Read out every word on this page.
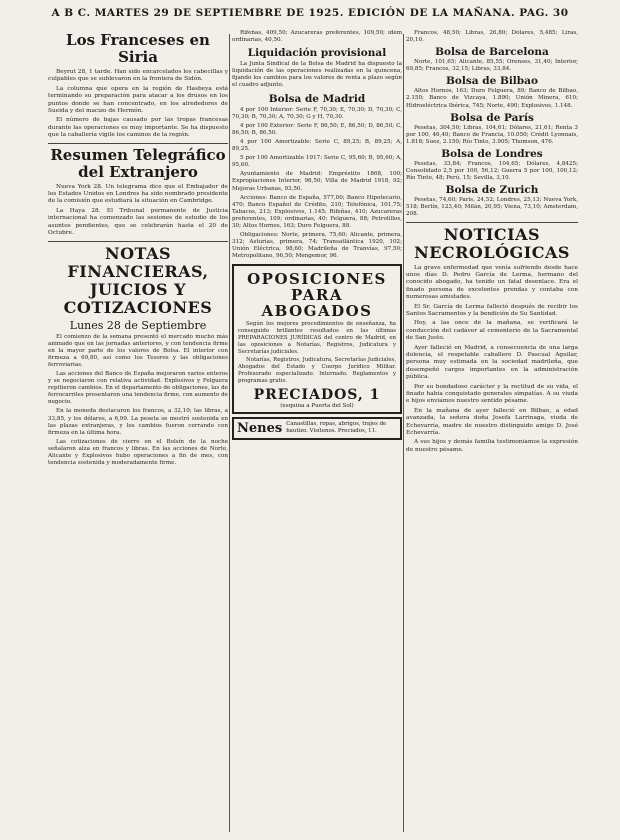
A B C. MARTES 29 DE SEPTIEMBRE DE 1925. EDICIÓN DE LA MAÑANA. PAG. 30
Los Franceses en Siria

Beyrut 28, 1 tarde. Han sido encarcelados los cabecillas y culpables que se sublevaron en la frontera de Sidón.

La columna que opera en la región de Hasbeya está terminando su preparación para atacar a los drusos en los puntos donde se han concentrado, en los alrededores de Sueida y del macizo de Hermón.

El número de bajas causado por las tropas francesas durante las operaciones es muy importante. Se ha dispuesto que la caballería vigile los caminos de la región.

Resumen Telegráfico del Extranjero

Nueva York 28. Un telegrama dice que el Embajador de los Estados Unidos en Londres ha sido nombrado presidente de la comisión que estudiará la situación en Cambridge.

La Haya 28. El Tribunal permanente de Justicia internacional ha comenzado las sesiones de estudio de los asuntos pendientes, que se celebrarán hasta el 20 de Octubre.

NOTAS FINANCIERAS, JUICIOS Y COTIZACIONES
Lunes 28 de Septiembre

El comienzo de la semana presentó el mercado mucho más animado que en las jornadas anteriores, y con tendencia firme en la mayor parte de los valores de Bolsa. El interior con firmeza a 69,80, así como los Tesoros y las obligaciones ferroviarias.

Las acciones del Banco de España mejoraron varios enteros y se negociaron con relativa actividad. Explosivos y Felguera repitieron cambios. En el departamento de obligaciones, las de ferrocarriles presentaron una tendencia firme, con aumento de negocio.

En la moneda destacaron los francos, a 32,10; las libras, a 33,85, y los dólares, a 6,99. La peseta se mostró sostenida en las plazas extranjeras, y los cambios fueron cerrando con firmeza en la última hora.

Las cotizaciones de cierre en el Bolsín de la noche señalaron alza en francos y libras. En las acciones de Norte, Alicante y Explosivos hubo operaciones a fin de mes, con tendencia sostenida y moderadamente firme.

Rifeñas, 409,50; Azucareras preferentes, 109,50; ídem ordinarias, 40,50.

Liquidación provisional

La Junta Sindical de la Bolsa de Madrid ha dispuesto la liquidación de las operaciones realizadas en la quincena, fijando los cambios para los valores de renta a plazo según el cuadro adjunto.

Bolsa de Madrid

4 por 100 Interior: Serie F, 70,30; E, 70,30; D, 70,30; C, 70,30; B, 70,30; A, 70,30; G y H, 70,30.

4 por 100 Exterior: Serie F, 86,50; E, 86,50; D, 86,50; C, 86,50; B, 86,50.

4 por 100 Amortizable: Serie C, 89,25; B, 89,25; A, 89,25.

5 por 100 Amortizable 1917: Serie C, 95,60; B, 95,60; A, 95,60.

Ayuntamiento de Madrid: Empréstito 1868, 100; Expropiaciones Interior, 98,50; Villa de Madrid 1918, 92; Mejoras Urbanas, 93,50.

Acciones: Banco de España, 577,00; Banco Hipotecario, 470; Banco Español de Crédito, 210; Telefónica, 101,75; Tabacos, 213; Explosivos, 1.145; Rifeñas, 410; Azucareras preferentes, 109; ordinarias, 40; Felguera, 88; Petrolillos, 30; Altos Hornos, 163; Duro Felguera, 88.

Obligaciones: Norte, primera, 75,60; Alicante, primera, 312; Asturias, primera, 74; Transatlántica 1920, 102; Unión Eléctrica, 98,60; Madrileña de Tranvías, 97,50; Metropolitano, 96,50; Mengemor, 96.

OPOSICIONES PARA ABOGADOS

Según los mejores procedimientos de enseñanza, ha conseguido brillantes resultados en las últimas PREPARACIONES JURÍDICAS del centro de Madrid, en las oposiciones a Notarías, Registros, Judicatura y Secretarías judiciales.

Notarías, Registros, Judicatura, Secretarías Judiciales, Abogados del Estado y Cuerpo Jurídico Militar. Profesorado especializado. Internado. Reglamentos y programas gratis.

PRECIADOS, 1
(esquina a Puerta del Sol)
Nenes Canastillas, ropas, abrigos, trajes de bautizo. Visítenos. Preciados, 11.

Francos, 48,50; Libras, 26,80; Dólares, 5,485; Liras, 20,10.

Bolsa de Barcelona

Norte, 101,65; Alicante, 85,55; Orenses, 31,40; Interior, 69,85; Francos, 32,15; Libras, 33,84.

Bolsa de Bilbao

Altos Hornos, 163; Duro Felguera, 89; Banco de Bilbao, 2.150; Banco de Vizcaya, 1.890; Unión Minera, 610; Hidroeléctrica Ibérica, 745; Norte, 490; Explosivos, 1.148.

Bolsa de París

Pesetas, 304,50; Libras, 104,61; Dólares, 21,61; Renta 3 por 100, 46,40; Banco de Francia, 10.050; Crédit Lyonnais, 1.818; Suez, 2.150; Río Tinto, 3.905; Thomson, 476.

Bolsa de Londres

Pesetas, 33,84; Francos, 104,65; Dólares, 4,8425; Consolidado 2,5 por 100, 56,12; Guerra 5 por 100, 100,12; Río Tinto, 48; Perú, 15; Sevilla, 3,10.

Bolsa de Zurich

Pesetas, 74,60; París, 24,52; Londres, 25,13; Nueva York, 518; Berlín, 123,40; Milán, 20,95; Viena, 73,10; Amsterdam, 208.

NOTICIAS NECROLÓGICAS

La grave enfermedad que venía sufriendo desde hace unos días D. Pedro García de Lerma, hermano del conocido abogado, ha tenido un fatal desenlace. Era el finado persona de excelentes prendas y contaba con numerosas amistades.

El Sr. García de Lerma falleció después de recibir los Santos Sacramentos y la bendición de Su Santidad.

Hoy, a las once de la mañana, se verificará la conducción del cadáver al cementerio de la Sacramental de San Justo.

Ayer falleció en Madrid, a consecuencia de una larga dolencia, el respetable caballero D. Pascual Aguilar, persona muy estimada en la sociedad madrileña, que desempeñó cargos importantes en la administración pública.

Por su bondadoso carácter y la rectitud de su vida, el finado había conquistado generales simpatías. A su viuda e hijos enviamos nuestro sentido pésame.

En la mañana de ayer falleció en Bilbao, a edad avanzada, la señora doña Josefa Larrinaga, viuda de Echevarría, madre de nuestro distinguido amigo D. José Echevarría.

A sus hijos y demás familia testimoniamos la expresión de nuestro pésame.
